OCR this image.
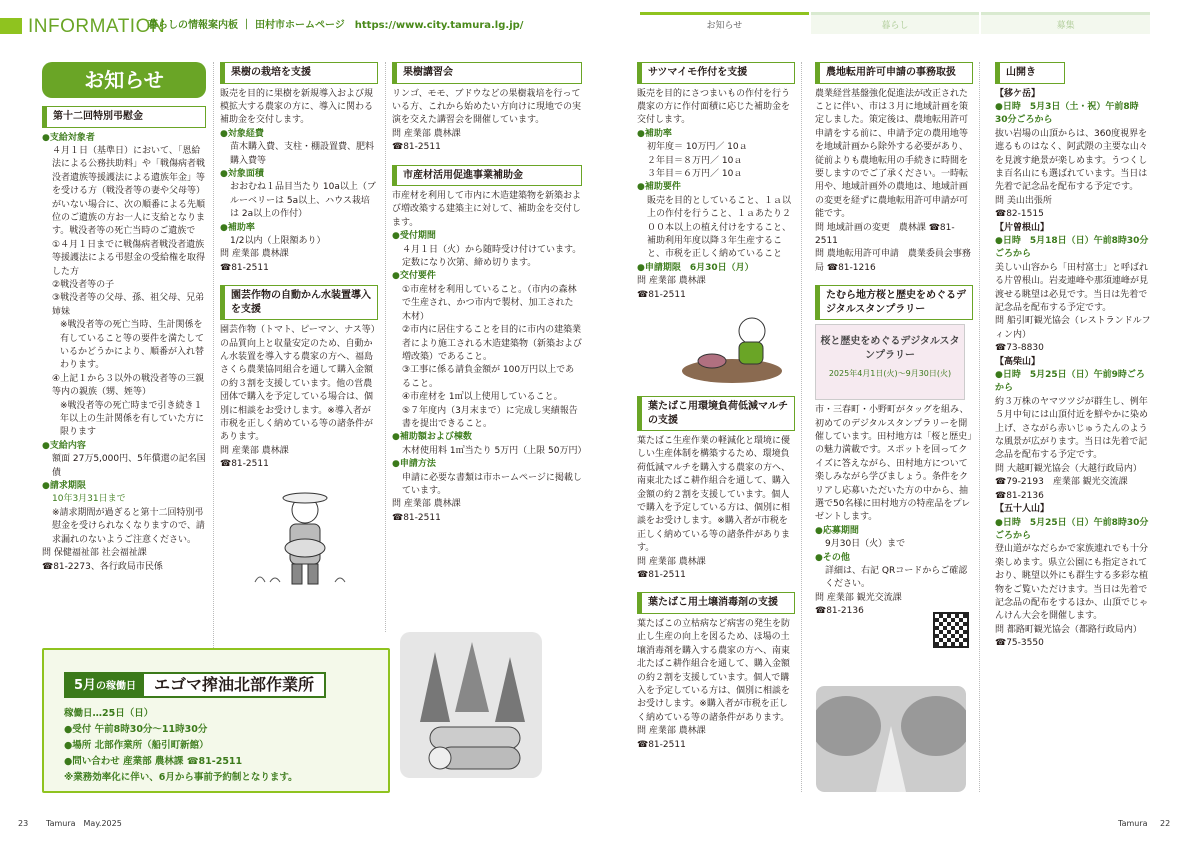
INFORMATION
暮らしの情報案内板 ｜ 田村市ホームページ　https://www.city.tamura.lg.jp/	お知らせ	暮らし	募集
お知らせ
第十二回特別弔慰金
● 支給対象者
４月１日（基準日）において、「恩給法による公務扶助料」や「戦傷病者戦没者遺族等援護法による遺族年金」等を受ける方（戦没者等の妻や父母等）がいない場合に、次の順番による先順位のご遺族の方お一人に支給となります。戦没者等の死亡当時のご遺族で
①４月１日までに戦傷病者戦没者遺族等援護法による弔慰金の受給権を取得した方
②戦没者等の子
③戦没者等の父母、孫、祖父母、兄弟姉妹
※戦没者等の死亡当時、生計関係を有していること等の要件を満たしているかどうかにより、順番が入れ替わります。
④上記１から３以外の戦没者等の三親等内の親族（甥、姪等）
※戦没者等の死亡時まで引き続き１年以上の生計関係を有していた方に限ります
● 支給内容
額面 27万5,000円、5年償還の記名国債
● 請求期限
10年3月31日まで
※請求期間が過ぎると第十二回特別弔慰金を受けられなくなりますので、請求漏れのないようご注意ください。
問 保健福祉部 社会福祉課
☎81-2273、各行政局市民係
果樹の栽培を支援
販売を目的に果樹を新規導入および規模拡大する農家の方に、導入に関わる補助金を交付します。
● 対象経費
苗木購入費、支柱・棚設置費、肥料購入費等
● 対象面積
おおむね１品目当たり 10a以上（ブルーベリーは 5a以上、ハウス栽培は 2a以上の作付）
● 補助率
1/2以内（上限額あり）
問 産業部 農林課
☎81-2511
園芸作物の自動かん水装置導入を支援
園芸作物（トマト、ピーマン、ナス等）の品質向上と収量安定のため、自動かん水装置を導入する農家の方へ、福島さくら農業協同組合を通して購入金額の約３割を支援しています。他の営農団体で購入を予定している場合は、個別に相談をお受けします。※導入者が市税を正しく納めている等の諸条件があります。
問 産業部 農林課
☎81-2511
果樹講習会
リンゴ、モモ、ブドウなどの果樹栽培を行っている方、これから始めたい方向けに現地での実演を交えた講習会を開催しています。
問 産業部 農林課
☎81-2511
市産材活用促進事業補助金
市産材を利用して市内に木造建築物を新築および増改築する建築主に対して、補助金を交付します。
● 受付期間
４月１日（火）から随時受け付けています。定数になり次第、締め切ります。
● 交付要件
①市産材を利用していること。（市内の森林で生産され、かつ市内で製材、加工された木材）
②市内に居住することを目的に市内の建築業者により施工される木造建築物（新築および増改築）であること。
③工事に係る請負金額が 100万円以上であること。
④市産材を 1㎥以上使用していること。
⑤７年度内（3月末まで）に完成し実績報告書を提出できること。
● 補助額および棟数
木材使用料 1㎥当たり 5万円（上限 50万円）
● 申請方法
申請に必要な書類は市ホームページに掲載しています。
問 産業部 農林課
☎81-2511
5月の稼働日	エゴマ搾油北部作業所
稼働日…25日（日）
●受付 午前8時30分～11時30分
●場所 北部作業所（船引町新館）
●問い合わせ 産業部 農林課 ☎81-2511
※業務効率化に伴い、6月から事前予約制となります。
サツマイモ作付を支援
販売を目的にさつまいもの作付を行う農家の方に作付面積に応じた補助金を交付します。
● 補助率
初年度＝ 10万円／ 10ａ
２年目＝８万円／ 10ａ
３年目＝６万円／ 10ａ
● 補助要件
販売を目的としていること、１ａ以上の作付を行うこと、１ａあたり２００本以上の植え付けをすること、補助利用年度以降３年生産すること、市税を正しく納めていること
● 申請期限　6月30日（月）
問 産業部 農林課
☎81-2511
葉たばこ用環境負荷低減マルチの支援
葉たばこ生産作業の軽減化と環境に優しい生産体制を構築するため、環境負荷低減マルチを購入する農家の方へ、南東北たばこ耕作組合を通して、購入金額の約２割を支援しています。個人で購入を予定している方は、個別に相談をお受けします。※購入者が市税を正しく納めている等の諸条件があります。
問 産業部 農林課
☎81-2511
葉たばこ用土壌消毒剤の支援
葉たばこの立枯病など病害の発生を防止し生産の向上を図るため、ほ場の土壌消毒剤を購入する農家の方へ、南東北たばこ耕作組合を通して、購入金額の約２割を支援しています。個人で購入を予定している方は、個別に相談をお受けします。※購入者が市税を正しく納めている等の諸条件があります。
問 産業部 農林課
☎81-2511
農地転用許可申請の事務取扱
農業経営基盤強化促進法が改正されたことに伴い、市は３月に地域計画を策定しました。策定後は、農地転用許可申請をする前に、申請予定の農用地等を地域計画から除外する必要があり、従前よりも農地転用の手続きに時間を要しますのでご了承ください。一時転用や、地域計画外の農地は、地域計画の変更を経ずに農地転用許可申請が可能です。
問 地域計画の変更　農林課 ☎81-2511
問 農地転用許可申請　農業委員会事務局 ☎81-1216
たむら地方桜と歴史をめぐるデジタルスタンプラリー
桜と歴史をめぐるデジタルスタンプラリー
2025年4月1日(火)～9月30日(火)
市・三春町・小野町がタッグを組み、初めてのデジタルスタンプラリーを開催しています。田村地方は「桜と歴史」の魅力満載です。スポットを回ってクイズに答えながら、田村地方について楽しみながら学びましょう。条件をクリアし応募いただいた方の中から、抽選で50名様に田村地方の特産品をプレゼントします。
● 応募期間
9月30日（火）まで
● その他
詳細は、右記 QRコードからご確認ください。
問 産業部 観光交流課
☎81-2136
山開き
【移ケ岳】
● 日時　5月3日（土・祝）午前8時30分ごろから
抜い岩場の山頂からは、360度視界を遮るものはなく、阿武隈の主要な山々を見渡す絶景が楽しめます。うつくしま百名山にも選ばれています。当日は先着で記念品を配布する予定です。
問 美山出張所
☎82-1515
【片曽根山】
● 日時　5月18日（日）午前8時30分ごろから
美しい山容から「田村富士」と呼ばれる片曽根山。岩麦連峰や那須連峰が見渡せる眺望は必見です。当日は先着で記念品を配布する予定です。
問 船引町観光協会（レストランドルフィン内）
☎73-8830
【高柴山】
● 日時　5月25日（日）午前9時ごろから
約３万株のヤマツツジが群生し、例年５月中旬には山頂付近を鮮やかに染め上げ、さながら赤いじゅうたんのような風景が広がります。当日は先着で記念品を配布する予定です。
問 大越町観光協会（大越行政局内）☎79-2193　産業部 観光交流課 ☎81-2136
【五十人山】
● 日時　5月25日（日）午前8時30分ごろから
登山道がなだらかで家族連れでも十分楽しめます。県立公園にも指定されており、眺望以外にも群生する多彩な植物をご覧いただけます。当日は先着で記念品の配布をするほか、山頂でじゃんけん大会を開催します。
問 都路町観光協会（都路行政局内）
☎75-3550
23 Tamura　May.2025	Tamura 22
